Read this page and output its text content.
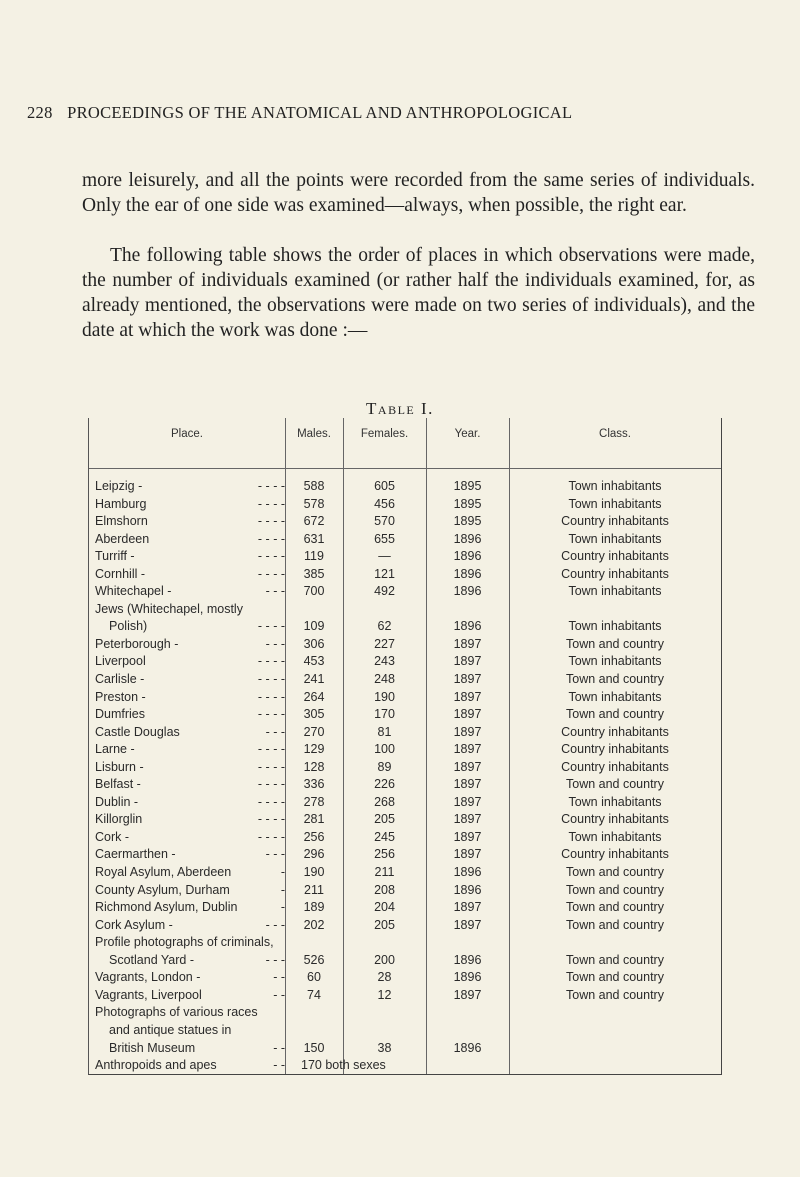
228 PROCEEDINGS OF THE ANATOMICAL AND ANTHROPOLOGICAL

more leisurely, and all the points were recorded from the same series of individuals. Only the ear of one side was examined—always, when possible, the right ear.

The following table shows the order of places in which observations were made, the number of individuals examined (or rather half the individuals examined, for, as already mentioned, the observations were made on two series of individuals), and the date at which the work was done :—

Table I.
Place.	Males.	Females.	Year.	Class.
Leipzig -	- - - -	588	605	1895	Town inhabitants
Hamburg	- - - -	578	456	1895	Town inhabitants
Elmshorn	- - - -	672	570	1895	Country inhabitants
Aberdeen	- - - -	631	655	1896	Town inhabitants
Turriff -	- - - -	119	—	1896	Country inhabitants
Cornhill -	- - - -	385	121	1896	Country inhabitants
Whitechapel -	- - -	700	492	1896	Town inhabitants
Jews (Whitechapel, mostly
Polish)	- - - -	109	62	1896	Town inhabitants
Peterborough -	- - -	306	227	1897	Town and country
Liverpool	- - - -	453	243	1897	Town inhabitants
Carlisle -	- - - -	241	248	1897	Town and country
Preston -	- - - -	264	190	1897	Town inhabitants
Dumfries	- - - -	305	170	1897	Town and country
Castle Douglas	- - -	270	81	1897	Country inhabitants
Larne -	- - - -	129	100	1897	Country inhabitants
Lisburn -	- - - -	128	89	1897	Country inhabitants
Belfast -	- - - -	336	226	1897	Town and country
Dublin -	- - - -	278	268	1897	Town inhabitants
Killorglin	- - - -	281	205	1897	Country inhabitants
Cork -	- - - -	256	245	1897	Town inhabitants
Caermarthen -	- - -	296	256	1897	Country inhabitants
Royal Asylum, Aberdeen	-	190	211	1896	Town and country
County Asylum, Durham	-	211	208	1896	Town and country
Richmond Asylum, Dublin	-	189	204	1897	Town and country
Cork Asylum -	- - -	202	205	1897	Town and country
Profile photographs of criminals,
Scotland Yard -	- - -	526	200	1896	Town and country
Vagrants, London -	- -	60	28	1896	Town and country
Vagrants, Liverpool	- -	74	12	1897	Town and country
Photographs of various races
and antique statues in
British Museum	- -	150	38	1896
Anthropoids and apes	- -	170 both sexes
